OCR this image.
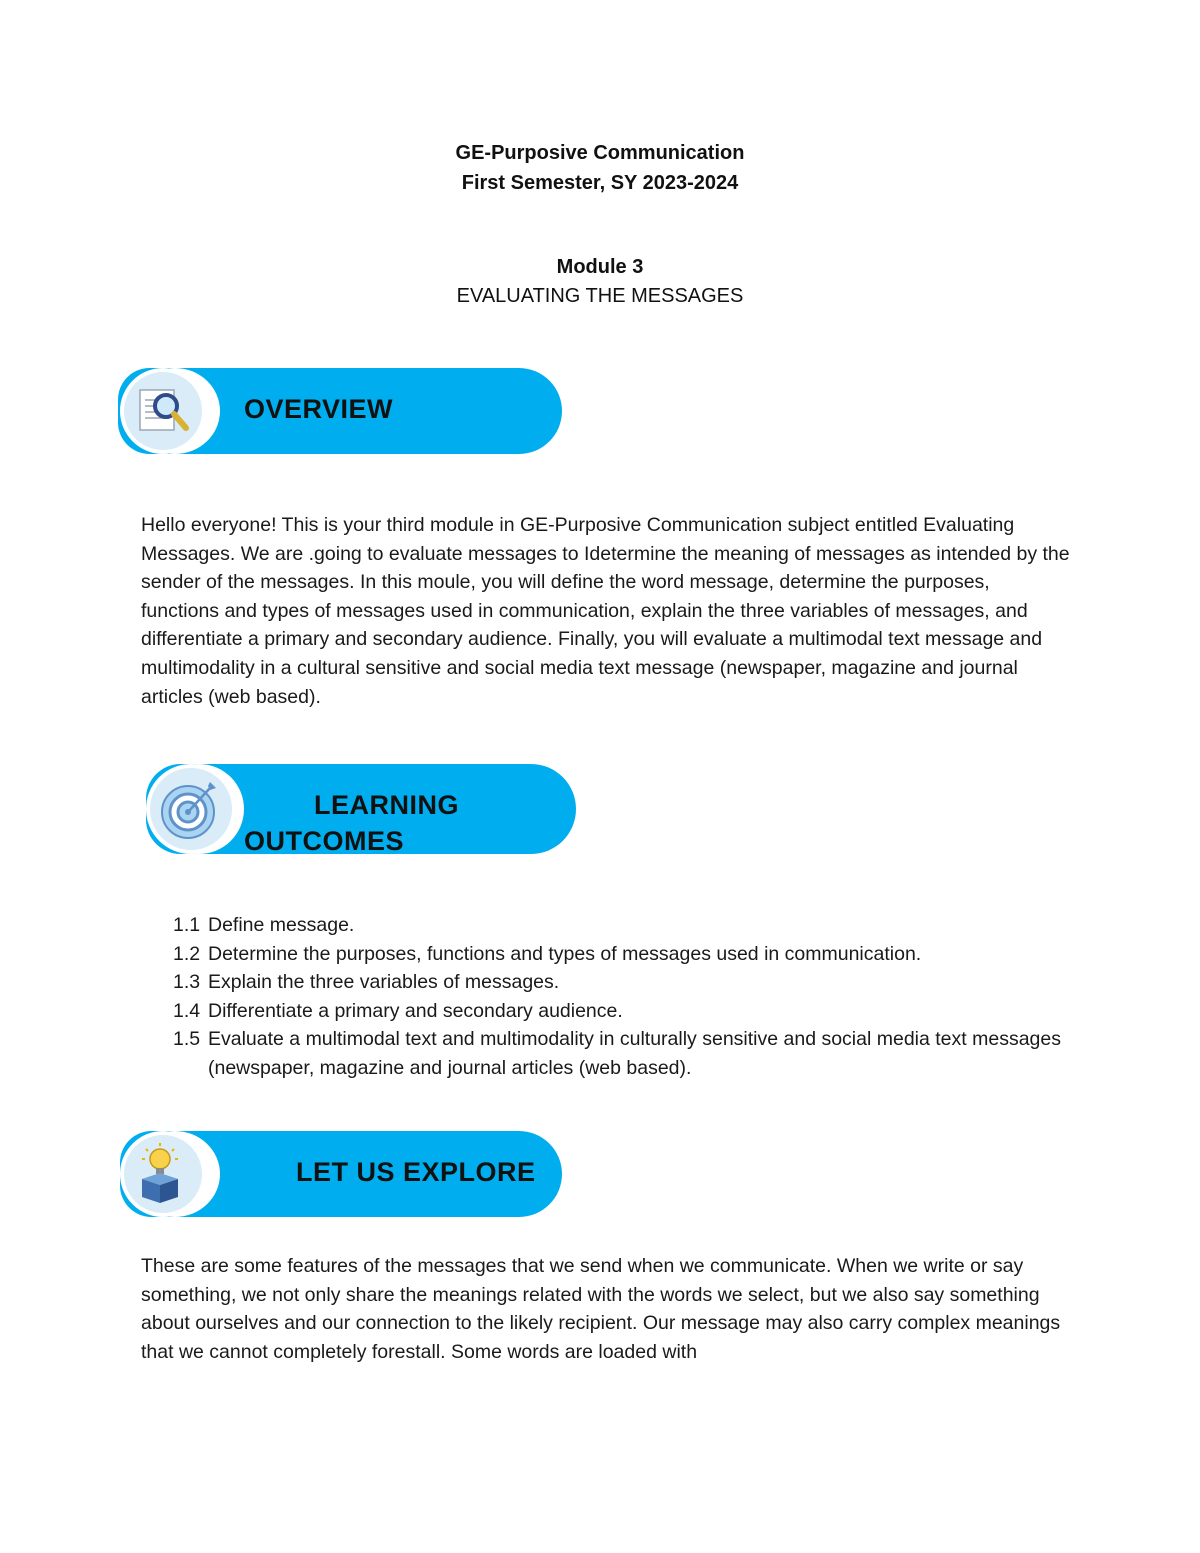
GE-Purposive Communication
First Semester, SY 2023-2024
Module 3
EVALUATING THE MESSAGES
OVERVIEW

Hello everyone! This is your third module in GE-Purposive Communication subject entitled Evaluating Messages. We are .going to evaluate messages to Idetermine the meaning of messages as intended by the sender of the messages. In this moule, you will define the word message, determine the purposes, functions and types of messages used in communication, explain the three variables of messages, and differentiate a primary and secondary audience. Finally, you will evaluate a multimodal text message and multimodality in a cultural sensitive and social media text message (newspaper, magazine and journal articles (web based).

LEARNING
OUTCOMES
1.1 Define message.
1.2 Determine the purposes, functions and types of messages used in communication.
1.3 Explain the three variables of messages.
1.4 Differentiate a primary and secondary audience.
1.5 Evaluate a multimodal text and multimodality in culturally sensitive and social media text messages (newspaper, magazine and journal articles (web based).
LET US EXPLORE

These are some features of the messages that we send when we communicate. When we write or say something, we not only share the meanings related with the words we select, but we also say something about ourselves and our connection to the likely recipient. Our message may also carry complex meanings that we cannot completely forestall. Some words are loaded with
